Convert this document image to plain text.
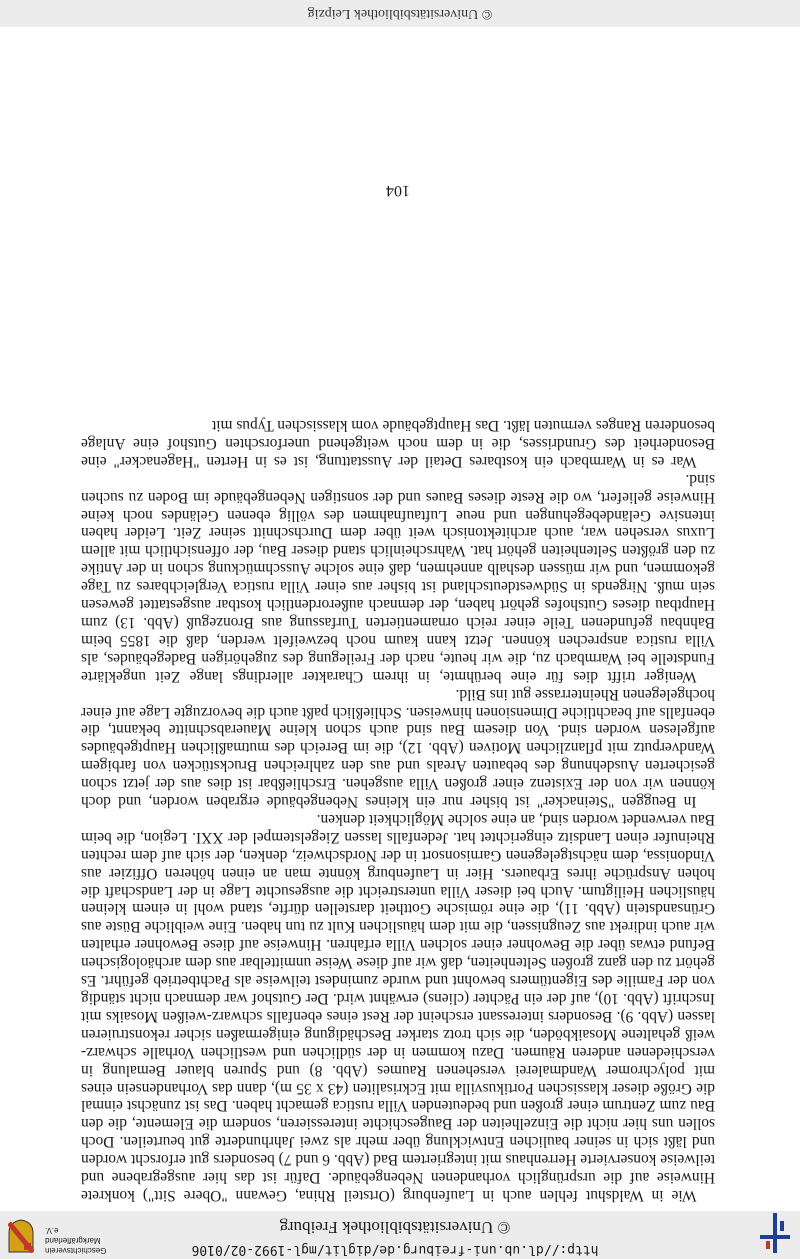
http://dl.ub.uni-freiburg.de/diglit/mgl-1992-02/0106
© Universitätsbibliothek Freiburg
Geschichtsverein
Markgräflerland e.V.

Wie in Waldshut fehlen auch in Laufenburg (Ortsteil Rhina, Gewann "Obere Sitt") konkrete Hinweise auf die ursprünglich vorhandenen Nebengebäude. Dafür ist das hier ausgegrabene und teilweise konservierte Herrenhaus mit integriertem Bad (Abb. 6 und 7) besonders gut erforscht worden und läßt sich in seiner baulichen Entwicklung über mehr als zwei Jahrhunderte gut beurteilen. Doch sollen uns hier nicht die Einzelheiten der Baugeschichte interessieren, sondern die Elemente, die den Bau zum Zentrum einer großen und bedeutenden Villa rustica gemacht haben. Das ist zunächst einmal die Größe dieser klassischen Portikusvilla mit Eckrisaliten (43 x 35 m), dann das Vorhandensein eines mit polychromer Wandmalerei versehenen Raumes (Abb. 8) und Spuren blauer Bemalung in verschiedenen anderen Räumen. Dazu kommen in der südlichen und westlichen Vorhalle schwarz-weiß gehaltene Mosaikböden, die sich trotz starker Beschädigung einigermaßen sicher rekonstruieren lassen (Abb. 9). Besonders interessant erscheint der Rest eines ebenfalls schwarz-weißen Mosaiks mit Inschrift (Abb. 10), auf der ein Pächter (cliens) erwähnt wird. Der Gutshof war demnach nicht ständig von der Familie des Eigentümers bewohnt und wurde zumindest teilweise als Pachtbetrieb geführt. Es gehört zu den ganz großen Seltenheiten, daß wir auf diese Weise unmittelbar aus dem archäologischen Befund etwas über die Bewohner einer solchen Villa erfahren. Hinweise auf diese Bewohner erhalten wir auch indirekt aus Zeugnissen, die mit dem häuslichen Kult zu tun haben. Eine weibliche Büste aus Grünsandstein (Abb. 11), die eine römische Gottheit darstellen dürfte, stand wohl in einem kleinen häuslichen Heiligtum. Auch bei dieser Villa unterstreicht die ausgesuchte Lage in der Landschaft die hohen Ansprüche ihres Erbauers. Hier in Laufenburg könnte man an einen höheren Offizier aus Vindonissa, dem nächstgelegenen Garnisonsort in der Nordschweiz, denken, der sich auf dem rechten Rheinufer einen Landsitz eingerichtet hat. Jedenfalls lassen Ziegelstempel der XXI. Legion, die beim Bau verwendet worden sind, an eine solche Möglichkeit denken.

In Beuggen "Steinacker" ist bisher nur ein kleines Nebengebäude ergraben worden, und doch können wir von der Existenz einer großen Villa ausgehen. Erschließbar ist dies aus der jetzt schon gesicherten Ausdehnung des bebauten Areals und aus den zahlreichen Bruckstücken von farbigem Wandverputz mit pflanzlichen Motiven (Abb. 12), die im Bereich des mutmaßlichen Hauptgebäudes aufgelesen worden sind. Von diesem Bau sind auch schon kleine Mauerabschnitte bekannt, die ebenfalls auf beachtliche Dimensionen hinweisen. Schließlich paßt auch die bevorzugte Lage auf einer hochgelegenen Rheinterrasse gut ins Bild.

Weniger trifft dies für eine berühmte, in ihrem Charakter allerdings lange Zeit ungeklärte Fundstelle bei Warmbach zu, die wir heute, nach der Freilegung des zugehörigen Badegebäudes, als Villa rustica ansprechen können. Jetzt kann kaum noch bezweifelt werden, daß die 1855 beim Bahnbau gefundenen Teile einer reich ornamentierten Turfassung aus Bronzeguß (Abb. 13) zum Hauptbau dieses Gutshofes gehört haben, der demnach außerordentlich kostbar ausgestattet gewesen sein muß. Nirgends in Südwestdeutschland ist bisher aus einer Villa rustica Vergleichbares zu Tage gekommen, und wir müssen deshalb annehmen, daß eine solche Ausschmückung schon in der Antike zu den größten Seltenheiten gehört hat. Wahrscheinlich stand dieser Bau, der offensichtlich mit allem Luxus versehen war, auch architektonisch weit über dem Durchschnitt seiner Zeit. Leider haben intensive Geländebegehungen und neue Luftaufnahmen des völlig ebenen Geländes noch keine Hinweise geliefert, wo die Reste dieses Baues und der sonstigen Nebengebäude im Boden zu suchen sind.

War es in Warmbach ein kostbares Detail der Ausstattung, ist es in Herten "Hagenacker" eine Besonderheit des Grundrisses, die in dem noch weitgehend unerforschten Gutshof eine Anlage besonderen Ranges vermuten läßt. Das Hauptgebäude vom klassischen Typus mit

104
© Universitätsbibliothek Leipzig
